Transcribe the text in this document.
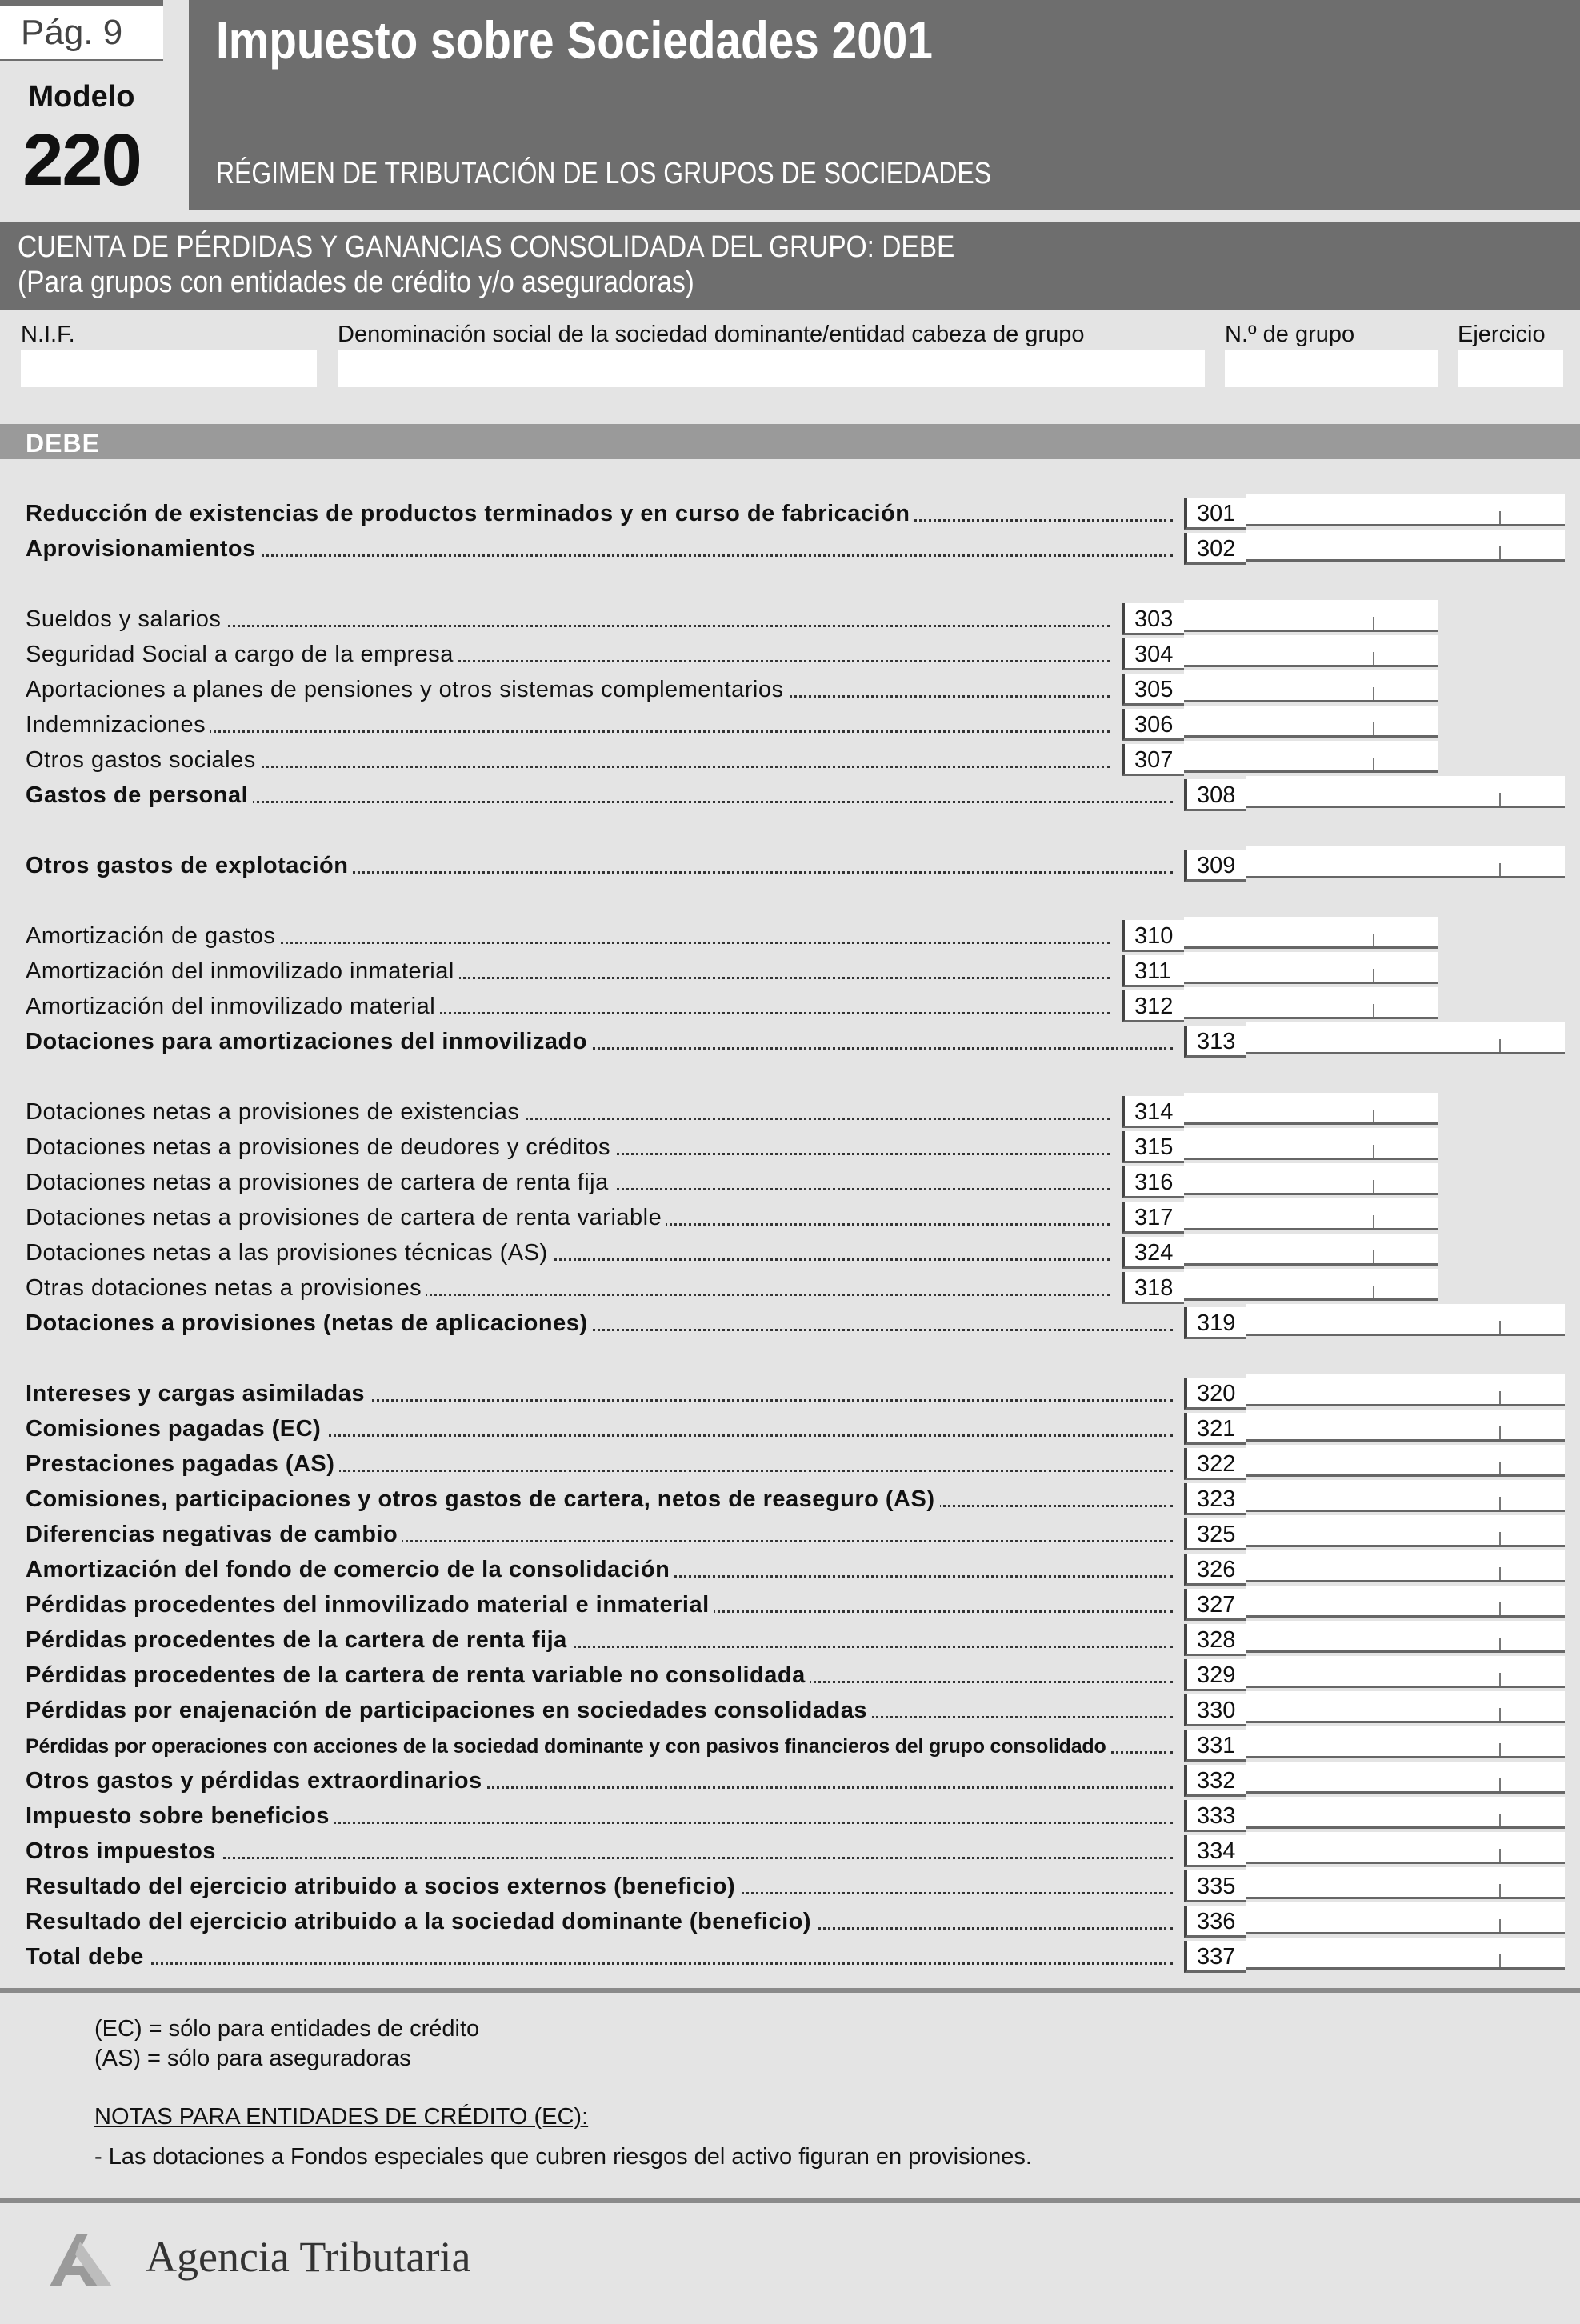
Pág. 9
Modelo
220
Impuesto sobre Sociedades 2001
RÉGIMEN DE TRIBUTACIÓN DE LOS GRUPOS DE SOCIEDADES
CUENTA DE PÉRDIDAS Y GANANCIAS CONSOLIDADA DEL GRUPO: DEBE
(Para grupos con entidades de crédito y/o aseguradoras)
N.I.F.	Denominación social de la sociedad dominante/entidad cabeza de grupo	N.º de grupo	Ejercicio
DEBE
Reducción de existencias de productos terminados y en curso de fabricación	301
Aprovisionamientos	302
Sueldos y salarios	303
Seguridad Social a cargo de la empresa	304
Aportaciones a planes de pensiones y otros sistemas complementarios	305
Indemnizaciones	306
Otros gastos sociales	307
Gastos de personal	308
Otros gastos de explotación	309
Amortización de gastos	310
Amortización del inmovilizado inmaterial	311
Amortización del inmovilizado material	312
Dotaciones para amortizaciones del inmovilizado	313
Dotaciones netas a provisiones de existencias	314
Dotaciones netas a provisiones de deudores y créditos	315
Dotaciones netas a provisiones de cartera de renta fija	316
Dotaciones netas a provisiones de cartera de renta variable	317
Dotaciones netas a las provisiones técnicas (AS)	324
Otras dotaciones netas a provisiones	318
Dotaciones a provisiones (netas de aplicaciones)	319
Intereses y cargas asimiladas	320
Comisiones pagadas (EC)	321
Prestaciones pagadas (AS)	322
Comisiones, participaciones y otros gastos de cartera, netos de reaseguro (AS)	323
Diferencias negativas de cambio	325
Amortización del fondo de comercio de la consolidación	326
Pérdidas procedentes del inmovilizado material e inmaterial	327
Pérdidas procedentes de la cartera de renta fija	328
Pérdidas procedentes de la cartera de renta variable no consolidada	329
Pérdidas por enajenación de participaciones en sociedades consolidadas	330
Pérdidas por operaciones con acciones de la sociedad dominante y con pasivos financieros del grupo consolidado	331
Otros gastos y pérdidas extraordinarios	332
Impuesto sobre beneficios	333
Otros impuestos	334
Resultado del ejercicio atribuido a socios externos (beneficio)	335
Resultado del ejercicio atribuido a la sociedad dominante (beneficio)	336
Total debe	337
(EC) = sólo para entidades de crédito
(AS) = sólo para aseguradoras
NOTAS PARA ENTIDADES DE CRÉDITO (EC):
- Las dotaciones a Fondos especiales que cubren riesgos del activo figuran en provisiones.
Agencia Tributaria
